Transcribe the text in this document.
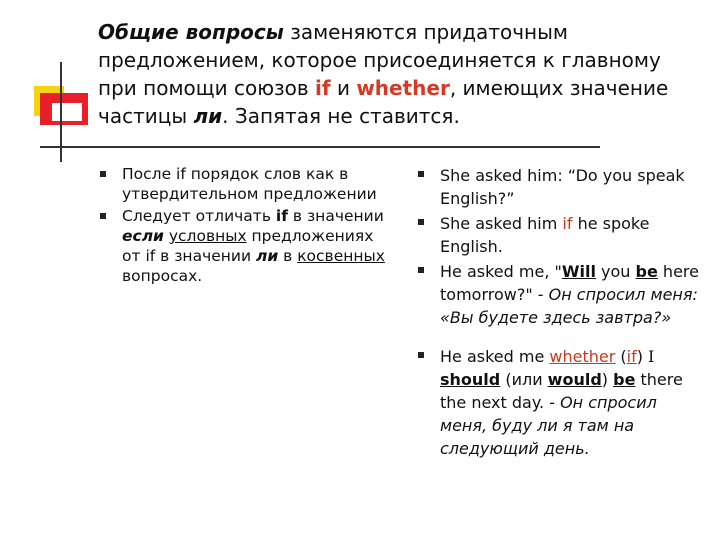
Общие вопросы заменяются придаточным предложением, которое присоединяется к главному при помощи союзов if и whether, имеющих значение частицы ли. Запятая не ставится.
После if порядок слов как в утвердительном предложении
Следует отличать if в значении если условных предложениях от if в значении ли в косвенных вопросах.
She asked him: “Do you speak English?”
She asked him if he spoke English.
He asked me, "Will you be here tomorrow?" - Он спросил меня: «Вы будете здесь завтра?»
He asked me whether (if) I should (или would) be there the next day. - Он спросил меня, буду ли я там на следующий день.
